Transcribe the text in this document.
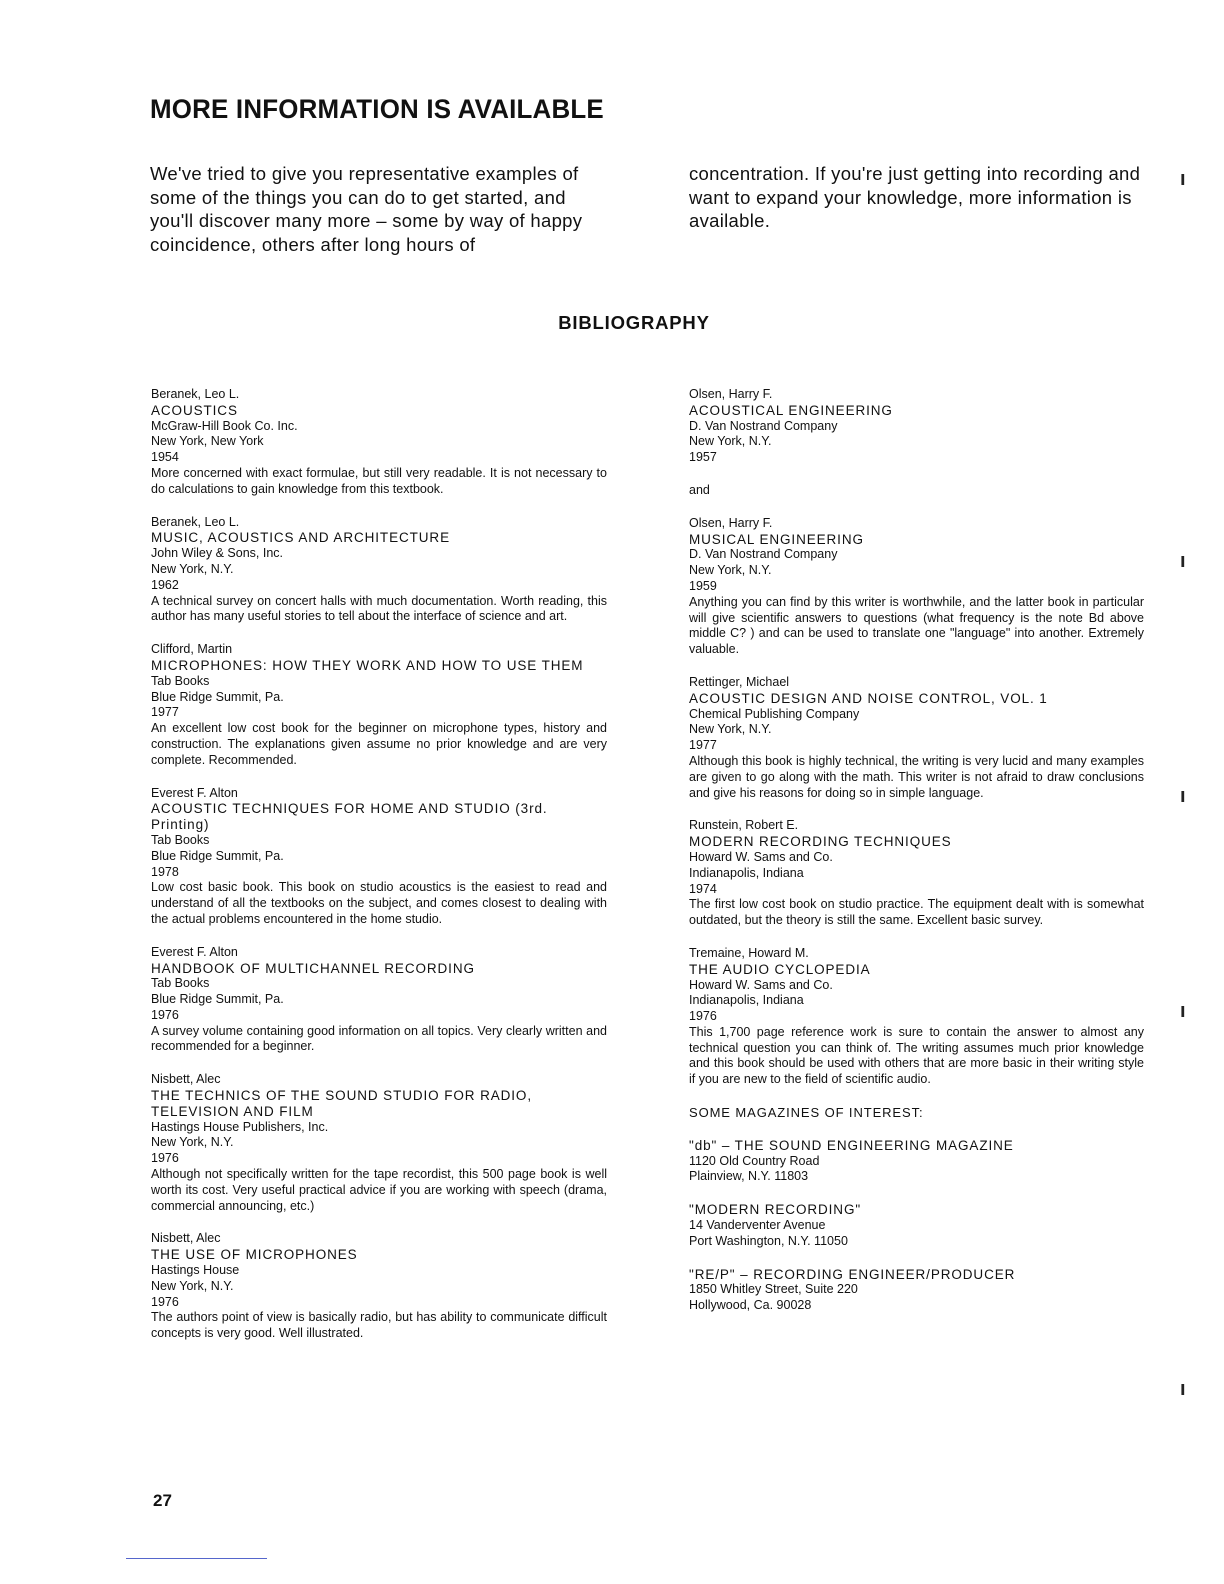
MORE INFORMATION IS AVAILABLE

We've tried to give you representative examples of some of the things you can do to get started, and you'll discover many more – some by way of happy coincidence, others after long hours of

concentration. If you're just getting into recording and want to expand your knowledge, more information is available.

BIBLIOGRAPHY
Beranek, Leo L.
ACOUSTICS
McGraw-Hill Book Co. Inc.
New York, New York
1954
More concerned with exact formulae, but still very readable. It is not necessary to do calculations to gain knowledge from this textbook.
Beranek, Leo L.
MUSIC, ACOUSTICS AND ARCHITECTURE
John Wiley & Sons, Inc.
New York, N.Y.
1962
A technical survey on concert halls with much documentation. Worth reading, this author has many useful stories to tell about the interface of science and art.
Clifford, Martin
MICROPHONES: HOW THEY WORK AND HOW TO USE THEM
Tab Books
Blue Ridge Summit, Pa.
1977
An excellent low cost book for the beginner on microphone types, history and construction. The explanations given assume no prior knowledge and are very complete. Recommended.
Everest F. Alton
ACOUSTIC TECHNIQUES FOR HOME AND STUDIO (3rd. Printing)
Tab Books
Blue Ridge Summit, Pa.
1978
Low cost basic book. This book on studio acoustics is the easiest to read and understand of all the textbooks on the subject, and comes closest to dealing with the actual problems encountered in the home studio.
Everest F. Alton
HANDBOOK OF MULTICHANNEL RECORDING
Tab Books
Blue Ridge Summit, Pa.
1976
A survey volume containing good information on all topics. Very clearly written and recommended for a beginner.
Nisbett, Alec
THE TECHNICS OF THE SOUND STUDIO FOR RADIO, TELEVISION AND FILM
Hastings House Publishers, Inc.
New York, N.Y.
1976
Although not specifically written for the tape recordist, this 500 page book is well worth its cost. Very useful practical advice if you are working with speech (drama, commercial announcing, etc.)
Nisbett, Alec
THE USE OF MICROPHONES
Hastings House
New York, N.Y.
1976
The authors point of view is basically radio, but has ability to communicate difficult concepts is very good. Well illustrated.
Olsen, Harry F.
ACOUSTICAL ENGINEERING
D. Van Nostrand Company
New York, N.Y.
1957
and
Olsen, Harry F.
MUSICAL ENGINEERING
D. Van Nostrand Company
New York, N.Y.
1959
Anything you can find by this writer is worthwhile, and the latter book in particular will give scientific answers to questions (what frequency is the note Bd above middle C? ) and can be used to translate one "language" into another. Extremely valuable.
Rettinger, Michael
ACOUSTIC DESIGN AND NOISE CONTROL, VOL. 1
Chemical Publishing Company
New York, N.Y.
1977
Although this book is highly technical, the writing is very lucid and many examples are given to go along with the math. This writer is not afraid to draw conclusions and give his reasons for doing so in simple language.
Runstein, Robert E.
MODERN RECORDING TECHNIQUES
Howard W. Sams and Co.
Indianapolis, Indiana
1974
The first low cost book on studio practice. The equipment dealt with is somewhat outdated, but the theory is still the same. Excellent basic survey.
Tremaine, Howard M.
THE AUDIO CYCLOPEDIA
Howard W. Sams and Co.
Indianapolis, Indiana
1976
This 1,700 page reference work is sure to contain the answer to almost any technical question you can think of. The writing assumes much prior knowledge and this book should be used with others that are more basic in their writing style if you are new to the field of scientific audio.
SOME MAGAZINES OF INTEREST:
"db" – THE SOUND ENGINEERING MAGAZINE
1120 Old Country Road
Plainview, N.Y. 11803
"MODERN RECORDING"
14 Vanderventer Avenue
Port Washington, N.Y. 11050
"RE/P" – RECORDING ENGINEER/PRODUCER
1850 Whitley Street, Suite 220
Hollywood, Ca. 90028
ı
ı
ı
ı
ı

27
